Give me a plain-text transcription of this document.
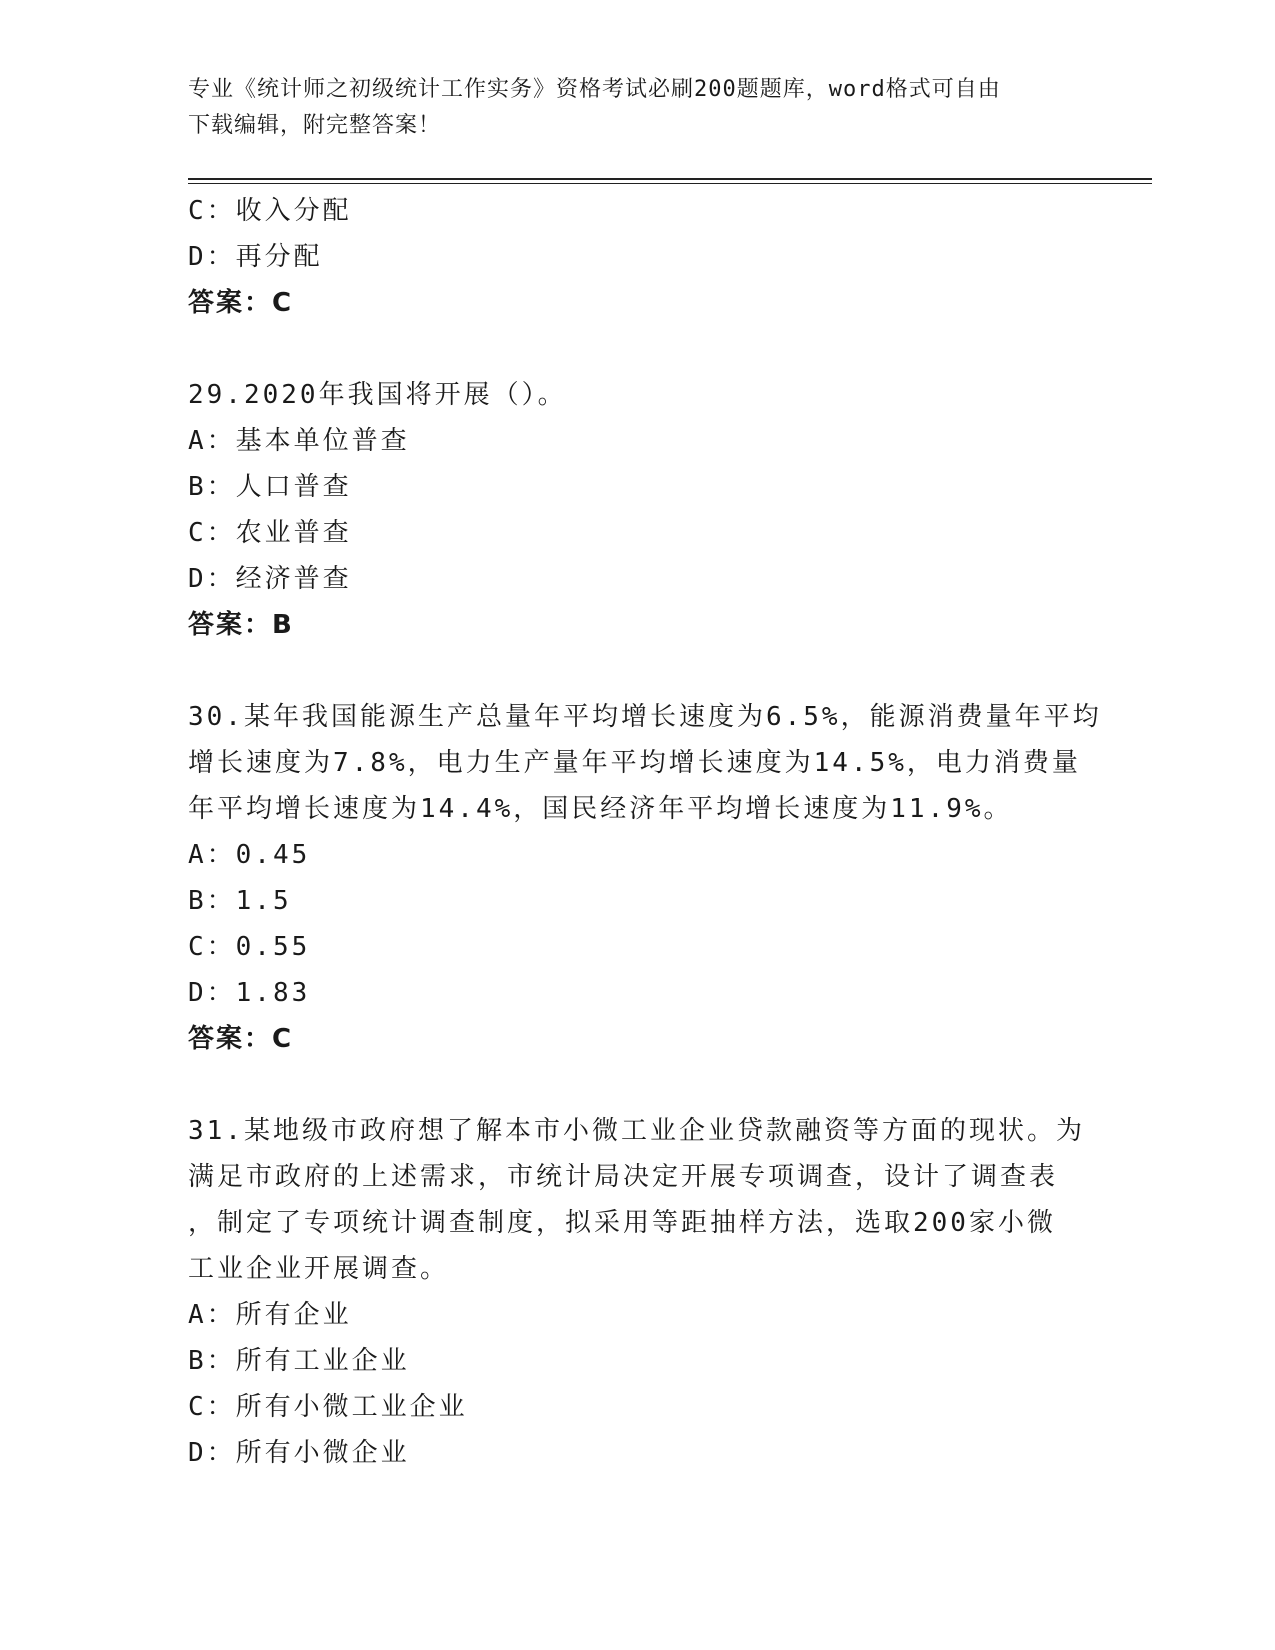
专业《统计师之初级统计工作实务》资格考试必刷200题题库，word格式可自由
下载编辑，附完整答案！
C：收入分配
D：再分配
答案：C
29.2020年我国将开展（）。
A：基本单位普查
B：人口普查
C：农业普查
D：经济普查
答案：B
30.某年我国能源生产总量年平均增长速度为6.5%，能源消费量年平均
增长速度为7.8%，电力生产量年平均增长速度为14.5%，电力消费量
年平均增长速度为14.4%，国民经济年平均增长速度为11.9%。
A：0.45
B：1.5
C：0.55
D：1.83
答案：C
31.某地级市政府想了解本市小微工业企业贷款融资等方面的现状。为
满足市政府的上述需求，市统计局决定开展专项调查，设计了调查表
，制定了专项统计调查制度，拟采用等距抽样方法，选取200家小微
工业企业开展调查。
A：所有企业
B：所有工业企业
C：所有小微工业企业
D：所有小微企业
